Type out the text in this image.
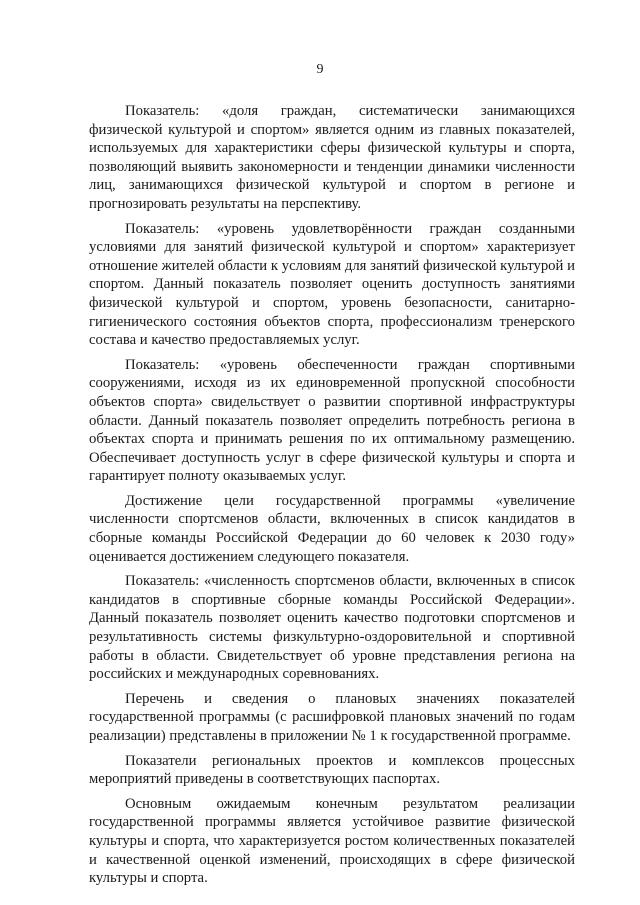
9

Показатель: «доля граждан, систематически занимающихся физической культурой и спортом» является одним из главных показателей, используемых для характеристики сферы физической культуры и спорта, позволяющий выявить закономерности и тенденции динамики численности лиц, занимающихся физической культурой и спортом в регионе и прогнозировать результаты на перспективу.

Показатель: «уровень удовлетворённости граждан созданными условиями для занятий физической культурой и спортом» характеризует отношение жителей области к условиям для занятий физической культурой и спортом. Данный показатель позволяет оценить доступность занятиями физической культурой и спортом, уровень безопасности, санитарно-гигиенического состояния объектов спорта, профессионализм тренерского состава и качество предоставляемых услуг.

Показатель: «уровень обеспеченности граждан спортивными сооружениями, исходя из их единовременной пропускной способности объектов спорта» свидельствует о развитии спортивной инфраструктуры области. Данный показатель позволяет определить потребность региона в объектах спорта и принимать решения по их оптимальному размещению. Обеспечивает доступность услуг в сфере физической культуры и спорта и гарантирует полноту оказываемых услуг.

Достижение цели государственной программы «увеличение численности спортсменов области, включенных в список кандидатов в сборные команды Российской Федерации до 60 человек к 2030 году» оценивается достижением следующего показателя.

Показатель: «численность спортсменов области, включенных в список кандидатов в спортивные сборные команды Российской Федерации». Данный показатель позволяет оценить качество подготовки спортсменов и результативность системы физкультурно-оздоровительной и спортивной работы в области. Свидетельствует об уровне представления региона на российских и международных соревнованиях.

Перечень и сведения о плановых значениях показателей государственной программы (с расшифровкой плановых значений по годам реализации) представлены в приложении № 1 к государственной программе.

Показатели региональных проектов и комплексов процессных мероприятий приведены в соответствующих паспортах.

Основным ожидаемым конечным результатом реализации государственной программы является устойчивое развитие физической культуры и спорта, что характеризуется ростом количественных показателей и качественной оценкой изменений, происходящих в сфере физической культуры и спорта.
